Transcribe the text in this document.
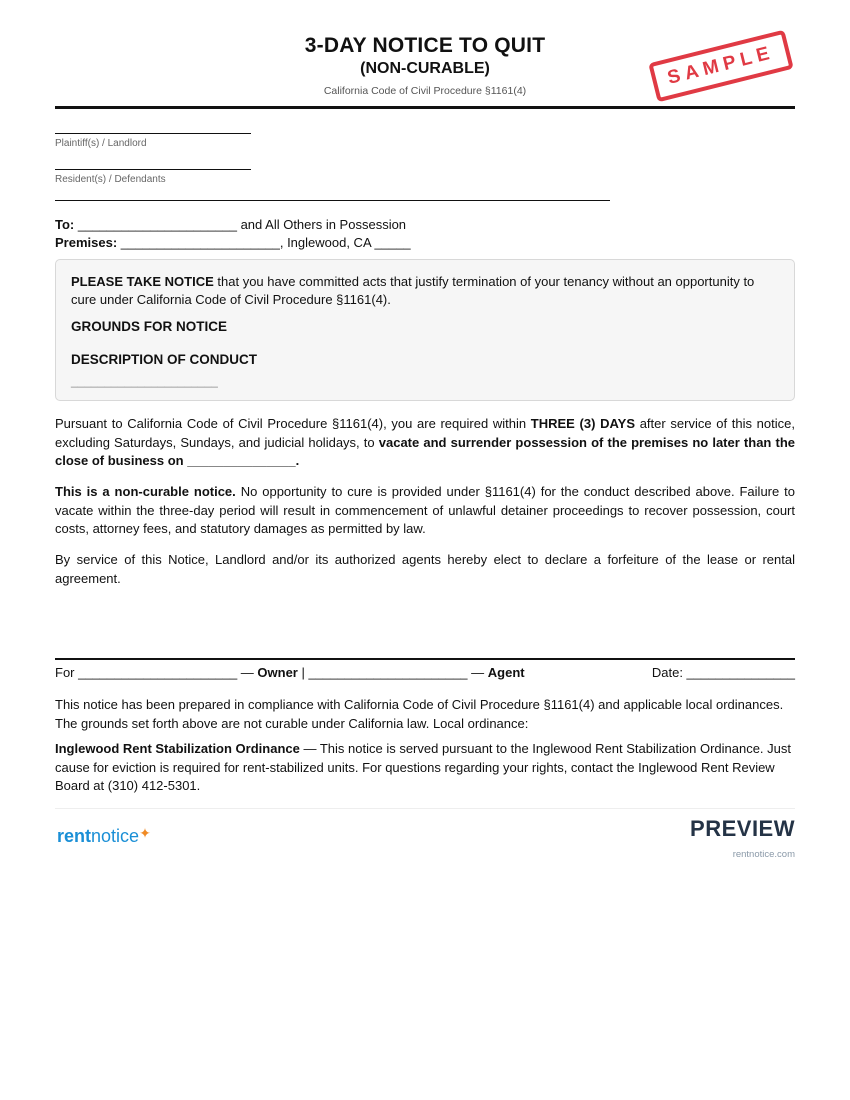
3-DAY NOTICE TO QUIT
(NON-CURABLE)
California Code of Civil Procedure §1161(4)
SAMPLE
Plaintiff(s) / Landlord
Resident(s) / Defendants
To: ______________________ and All Others in Possession
Premises: ______________________, Inglewood, CA _____

PLEASE TAKE NOTICE that you have committed acts that justify termination of your tenancy without an opportunity to cure under California Code of Civil Procedure §1161(4).

GROUNDS FOR NOTICE

DESCRIPTION OF CONDUCT

______________________

Pursuant to California Code of Civil Procedure §1161(4), you are required within THREE (3) DAYS after service of this notice, excluding Saturdays, Sundays, and judicial holidays, to vacate and surrender possession of the premises no later than the close of business on _______________.

This is a non-curable notice. No opportunity to cure is provided under §1161(4) for the conduct described above. Failure to vacate within the three-day period will result in commencement of unlawful detainer proceedings to recover possession, court costs, attorney fees, and statutory damages as permitted by law.

By service of this Notice, Landlord and/or its authorized agents hereby elect to declare a forfeiture of the lease or rental agreement.

For ______________________ — Owner | ______________________ — Agent	Date: _______________

This notice has been prepared in compliance with California Code of Civil Procedure §1161(4) and applicable local ordinances. The grounds set forth above are not curable under California law. Local ordinance:

Inglewood Rent Stabilization Ordinance — This notice is served pursuant to the Inglewood Rent Stabilization Ordinance. Just cause for eviction is required for rent-stabilized units. For questions regarding your rights, contact the Inglewood Rent Review Board at (310) 412-5301.

rentnotice✦	PREVIEW
rentnotice.com
